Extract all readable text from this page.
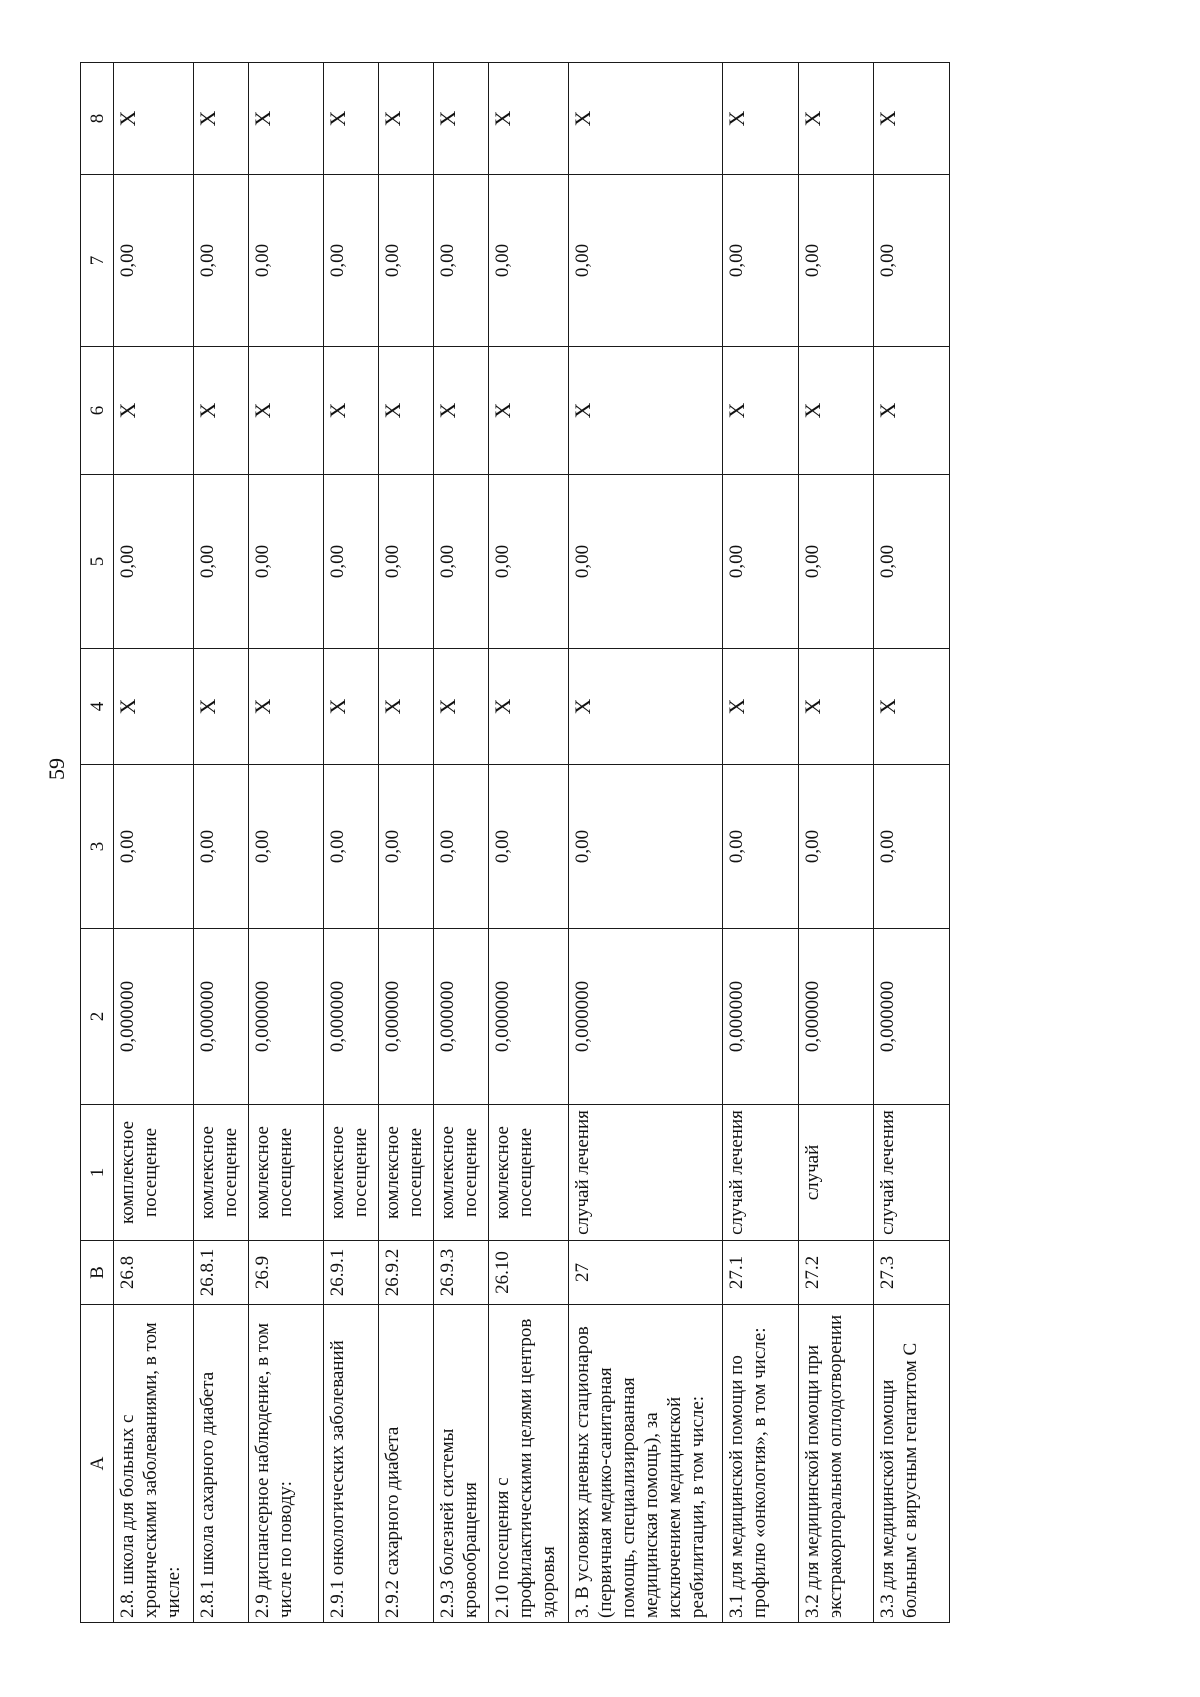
59
А	В	1	2	3	4	5	6	7	8
2.8. школа для больных с хроническими заболеваниями, в том числе:	26.8	комплексное посещение	0,000000	0,00	Х	0,00	Х	0,00	Х
2.8.1 школа сахарного диабета	26.8.1	комлексное посещение	0,000000	0,00	Х	0,00	Х	0,00	Х
2.9 диспансерное наблюдение, в том числе по поводу:	26.9	комлексное посещение	0,000000	0,00	Х	0,00	Х	0,00	Х
2.9.1 онкологических заболеваний	26.9.1	комлексное посещение	0,000000	0,00	Х	0,00	Х	0,00	Х
2.9.2 сахарного диабета	26.9.2	комлексное посещение	0,000000	0,00	Х	0,00	Х	0,00	Х
2.9.3 болезней системы кровообращения	26.9.3	комлексное посещение	0,000000	0,00	Х	0,00	Х	0,00	Х
2.10 посещения с профилактическими целями центров здоровья	26.10	комлексное посещение	0,000000	0,00	Х	0,00	Х	0,00	Х
3. В условиях дневных стационаров (первичная медико-санитарная помощь, специализированная медицинская помощь), за исключением медицинской реабилитации, в том числе:	27	случай лечения	0,000000	0,00	Х	0,00	Х	0,00	Х
3.1 для медицинской помощи по профилю «онкология», в том числе:	27.1	случай лечения	0,000000	0,00	Х	0,00	Х	0,00	Х
3.2 для медицинской помощи при экстракорпоральном оплодотворении	27.2	случай	0,000000	0,00	Х	0,00	Х	0,00	Х
3.3 для медицинской помощи больным с вирусным гепатитом С	27.3	случай лечения	0,000000	0,00	Х	0,00	Х	0,00	Х
